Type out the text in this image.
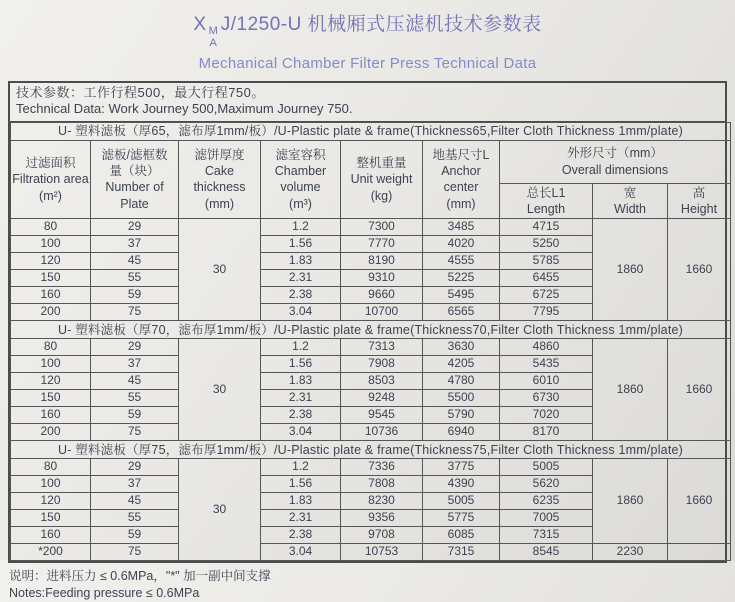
X M
A
J/1250-U 机械厢式压滤机技术参数表
Mechanical Chamber Filter Press Technical Data
技术参数：工作行程500，最大行程750。
Technical Data: Work Journey 500,Maximum Journey 750.
U- 塑料滤板（厚65，滤布厚1mm/板）/U-Plastic plate & frame(Thickness65,Filter Cloth Thickness 1mm/plate)								
过滤面积
Filtration area
(m²)	滤板/滤框数
量（块）
Number of
Plate	滤饼厚度
Cake
thickness
(mm)	滤室容积
Chamber
volume
(m³)	整机重量
Unit weight
(kg)	地基尺寸L
Anchor
center
(mm)	外形尺寸（mm）
Overall dimensions		
						总长L1
Length	宽
Width	高
Height
80	29	30	1.2	7300	3485	4715	1860	1660
100	37		1.56	7770	4020	5250		
120	45		1.83	8190	4555	5785		
150	55		2.31	9310	5225	6455		
160	59		2.38	9660	5495	6725		
200	75		3.04	10700	6565	7795		
U- 塑料滤板（厚70，滤布厚1mm/板）/U-Plastic plate & frame(Thickness70,Filter Cloth Thickness 1mm/plate)								
80	29	30	1.2	7313	3630	4860	1860	1660
100	37		1.56	7908	4205	5435		
120	45		1.83	8503	4780	6010		
150	55		2.31	9248	5500	6730		
160	59		2.38	9545	5790	7020		
200	75		3.04	10736	6940	8170		
U- 塑料滤板（厚75，滤布厚1mm/板）/U-Plastic plate & frame(Thickness75,Filter Cloth Thickness 1mm/plate)								
80	29	30	1.2	7336	3775	5005	1860	1660
100	37		1.56	7808	4390	5620		
120	45		1.83	8230	5005	6235		
150	55		2.31	9356	5775	7005		
160	59		2.38	9708	6085	7315		
*200	75		3.04	10753	7315	8545	2230	
说明：进料压力 ≤ 0.6MPa，"*" 加一副中间支撑
Notes:Feeding pressure ≤ 0.6MPa
